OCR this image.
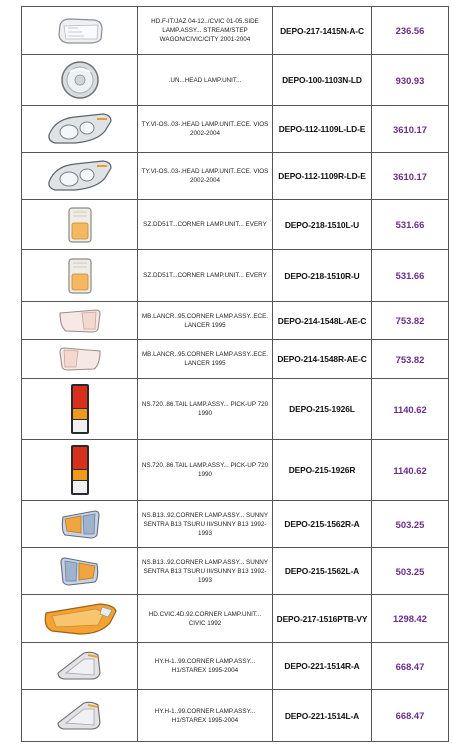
	HD.F-IT/JAZ 04-12../CVIC 01-05.SIDE LAMP.ASSY... STREAM/STEP WAGON/CIVIC/CITY 2001-2004	DEPO-217-1415N-A-C	236.56

	.UN...HEAD LAMP.UNIT...	DEPO-100-1103N-LD	930.93

	TY.VI-OS..03-.HEAD LAMP.UNIT..ECE. VIOS 2002-2004	DEPO-112-1109L-LD-E	3610.17

	TY.VI-OS..03-.HEAD LAMP.UNIT..ECE. VIOS 2002-2004	DEPO-112-1109R-LD-E	3610.17

	SZ.DD51T...CORNER LAMP.UNIT... EVERY	DEPO-218-1510L-U	531.66

	SZ.DD51T...CORNER LAMP.UNIT... EVERY	DEPO-218-1510R-U	531.66

	MB.LANCR..95.CORNER LAMP.ASSY..ECE. LANCER 1995	DEPO-214-1548L-AE-C	753.82

	MB.LANCR..95.CORNER LAMP.ASSY..ECE. LANCER 1995	DEPO-214-1548R-AE-C	753.82

	NS.720..86.TAIL LAMP.ASSY... PICK-UP 720 1990	DEPO-215-1926L	1140.62

	NS.720..86.TAIL LAMP.ASSY... PICK-UP 720 1990	DEPO-215-1926R	1140.62

	NS.B13..92.CORNER LAMP.ASSY... SUNNY SENTRA B13 TSURU III/SUNNY B13 1992-1993	DEPO-215-1562R-A	503.25

	NS.B13..92.CORNER LAMP.ASSY... SUNNY SENTRA B13 TSURU III/SUNNY B13 1992-1993	DEPO-215-1562L-A	503.25

	HD.CVIC.4D.92.CORNER LAMP.UNIT... CIVIC 1992	DEPO-217-1516PTB-VY	1298.42

	HY.H-1..99.CORNER LAMP.ASSY... H1/STAREX 1995-2004	DEPO-221-1514R-A	668.47

	HY.H-1..99.CORNER LAMP.ASSY... H1/STAREX 1995-2004	DEPO-221-1514L-A	668.47
